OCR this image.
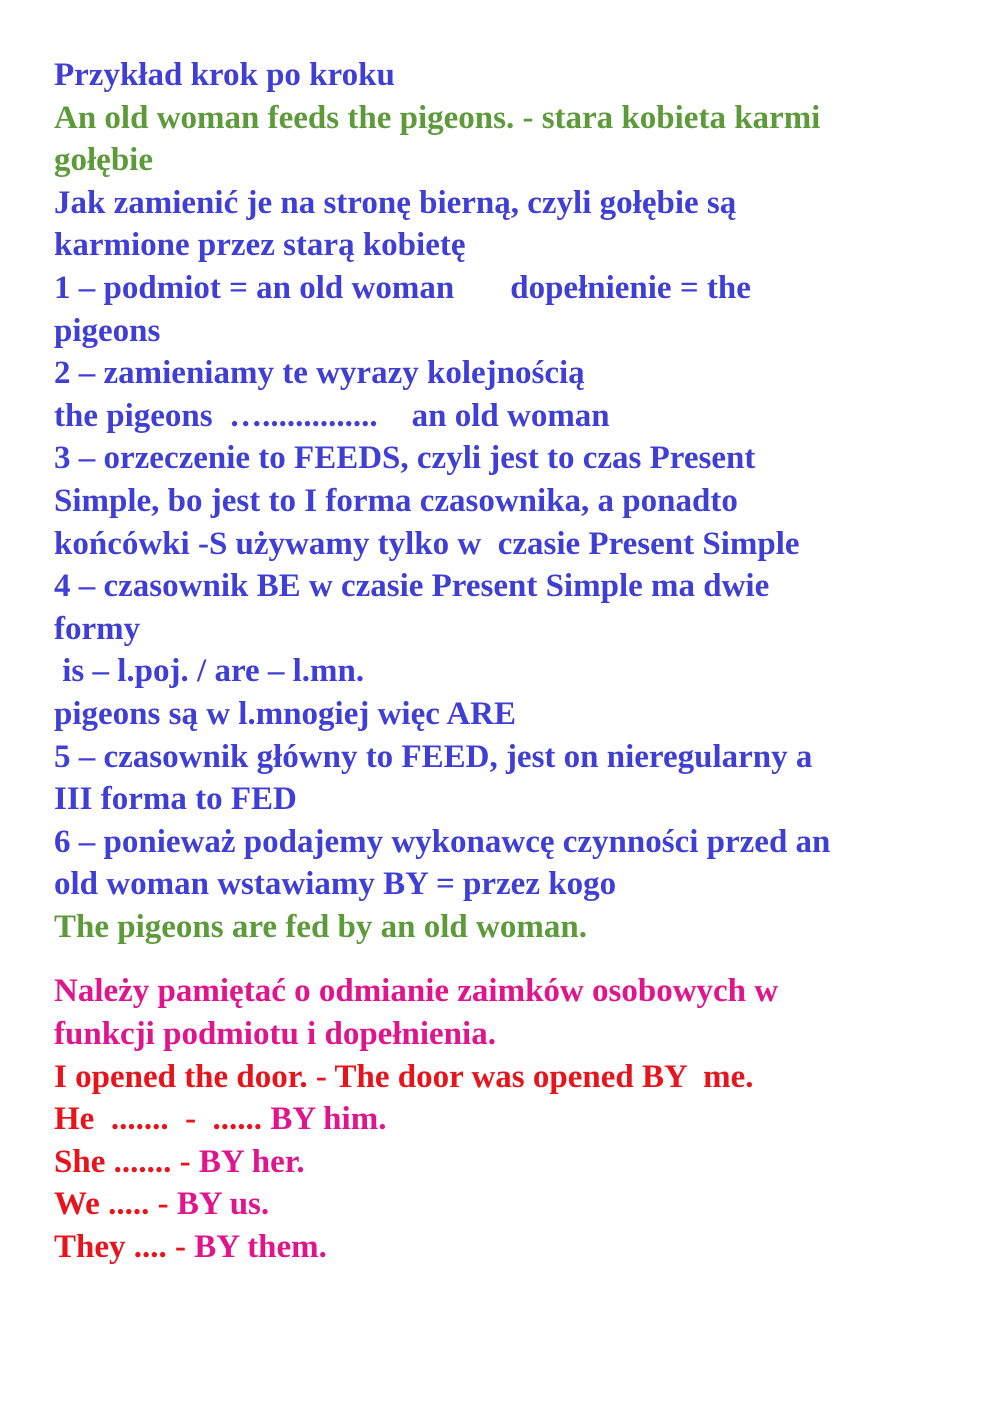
Przykład krok po kroku
An old woman feeds the pigeons. - stara kobieta karmi
gołębie
Jak zamienić je na stronę bierną, czyli gołębie są
karmione przez starą kobietę
1 – podmiot = an old woman dopełnienie = the
pigeons
2 – zamieniamy te wyrazy kolejnością
the pigeons  ….............. an old woman
3 – orzeczenie to FEEDS, czyli jest to czas Present
Simple, bo jest to I forma czasownika, a ponadto
końcówki -S używamy tylko w  czasie Present Simple
4 – czasownik BE w czasie Present Simple ma dwie
formy
is – l.poj. / are – l.mn.
pigeons są w l.mnogiej więc ARE
5 – czasownik główny to FEED, jest on nieregularny a
III forma to FED
6 – ponieważ podajemy wykonawcę czynności przed an
old woman wstawiamy BY = przez kogo
The pigeons are fed by an old woman.
Należy pamiętać o odmianie zaimków osobowych w
funkcji podmiotu i dopełnienia.
I opened the door. - The door was opened BY  me.
He  .......  -  ...... BY him.
She ....... - BY her.
We ..... - BY us.
They .... - BY them.
